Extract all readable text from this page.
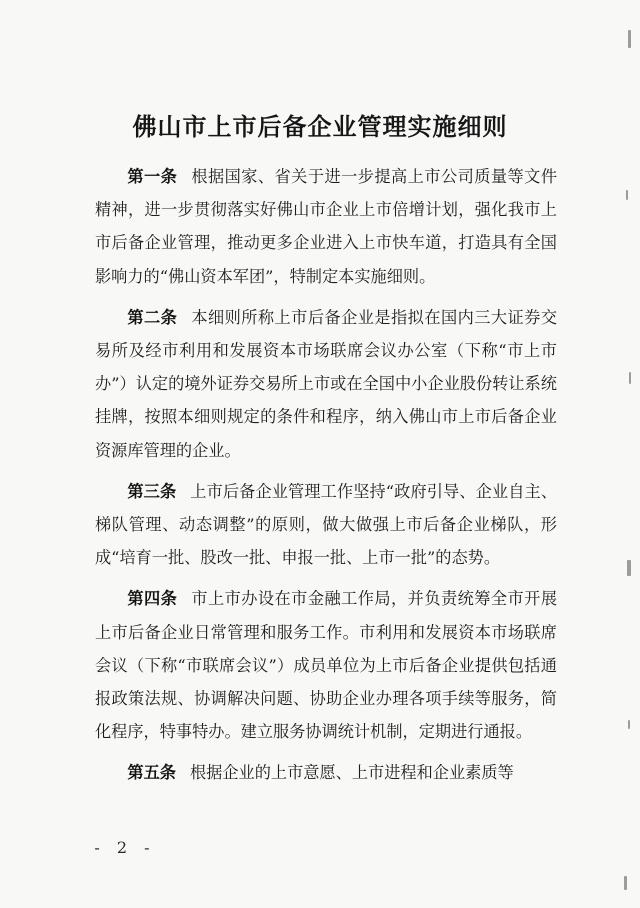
佛山市上市后备企业管理实施细则

第一条 根据国家、省关于进一步提高上市公司质量等文件精神，进一步贯彻落实好佛山市企业上市倍增计划，强化我市上市后备企业管理，推动更多企业进入上市快车道，打造具有全国影响力的“佛山资本军团”，特制定本实施细则。

第二条 本细则所称上市后备企业是指拟在国内三大证券交易所及经市利用和发展资本市场联席会议办公室（下称“市上市办”）认定的境外证券交易所上市或在全国中小企业股份转让系统挂牌，按照本细则规定的条件和程序，纳入佛山市上市后备企业资源库管理的企业。

第三条 上市后备企业管理工作坚持“政府引导、企业自主、梯队管理、动态调整”的原则，做大做强上市后备企业梯队，形成“培育一批、股改一批、申报一批、上市一批”的态势。

第四条 市上市办设在市金融工作局，并负责统筹全市开展上市后备企业日常管理和服务工作。市利用和发展资本市场联席会议（下称“市联席会议”）成员单位为上市后备企业提供包括通报政策法规、协调解决问题、协助企业办理各项手续等服务，简化程序，特事特办。建立服务协调统计机制，定期进行通报。

第五条 根据企业的上市意愿、上市进程和企业素质等

- 2 -
